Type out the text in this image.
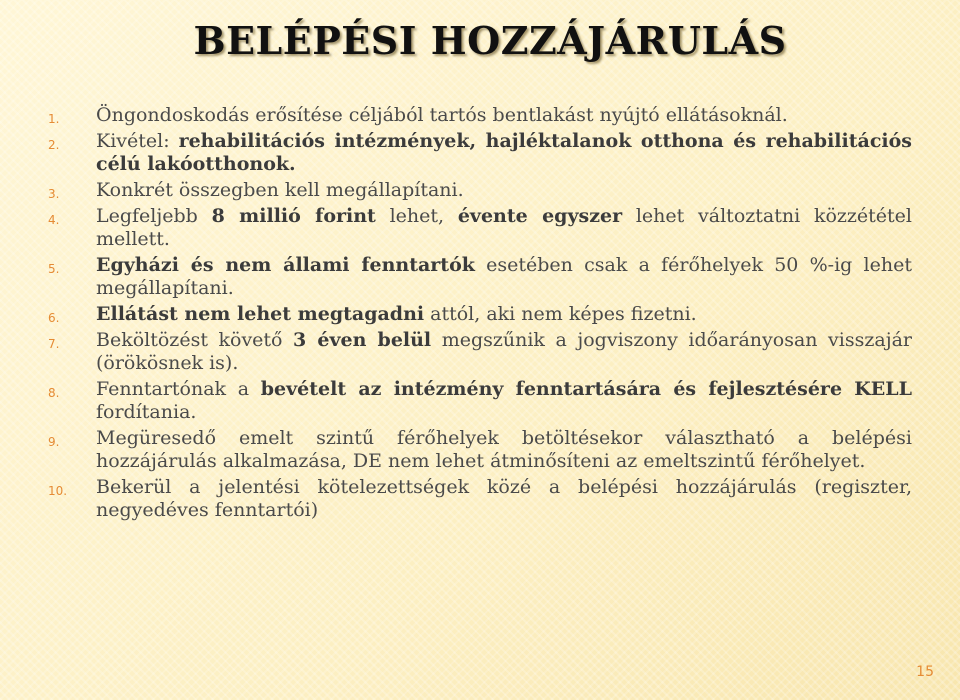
BELÉPÉSI HOZZÁJÁRULÁS
1.	Öngondoskodás erősítése céljából tartós bentlakást nyújtó ellátásoknál.
2.	Kivétel: rehabilitációs intézmények, hajléktalanok otthona és rehabilitációs célú lakóotthonok.
3.	Konkrét összegben kell megállapítani.
4.	Legfeljebb 8 millió forint lehet, évente egyszer lehet változtatni közzététel mellett.
5.	Egyházi és nem állami fenntartók esetében csak a férőhelyek 50 %-ig lehet megállapítani.
6.	Ellátást nem lehet megtagadni attól, aki nem képes fizetni.
7.	Beköltözést követő 3 éven belül megszűnik a jogviszony időarányosan visszajár (örökösnek is).
8.	Fenntartónak a bevételt az intézmény fenntartására és fejlesztésére KELL fordítania.
9.	Megüresedő emelt szintű férőhelyek betöltésekor választható a belépési hozzájárulás alkalmazása, DE nem lehet átminősíteni az emeltszintű férőhelyet.
10.	Bekerül a jelentési kötelezettségek közé a belépési hozzájárulás (regiszter, negyedéves fenntartói)
15
